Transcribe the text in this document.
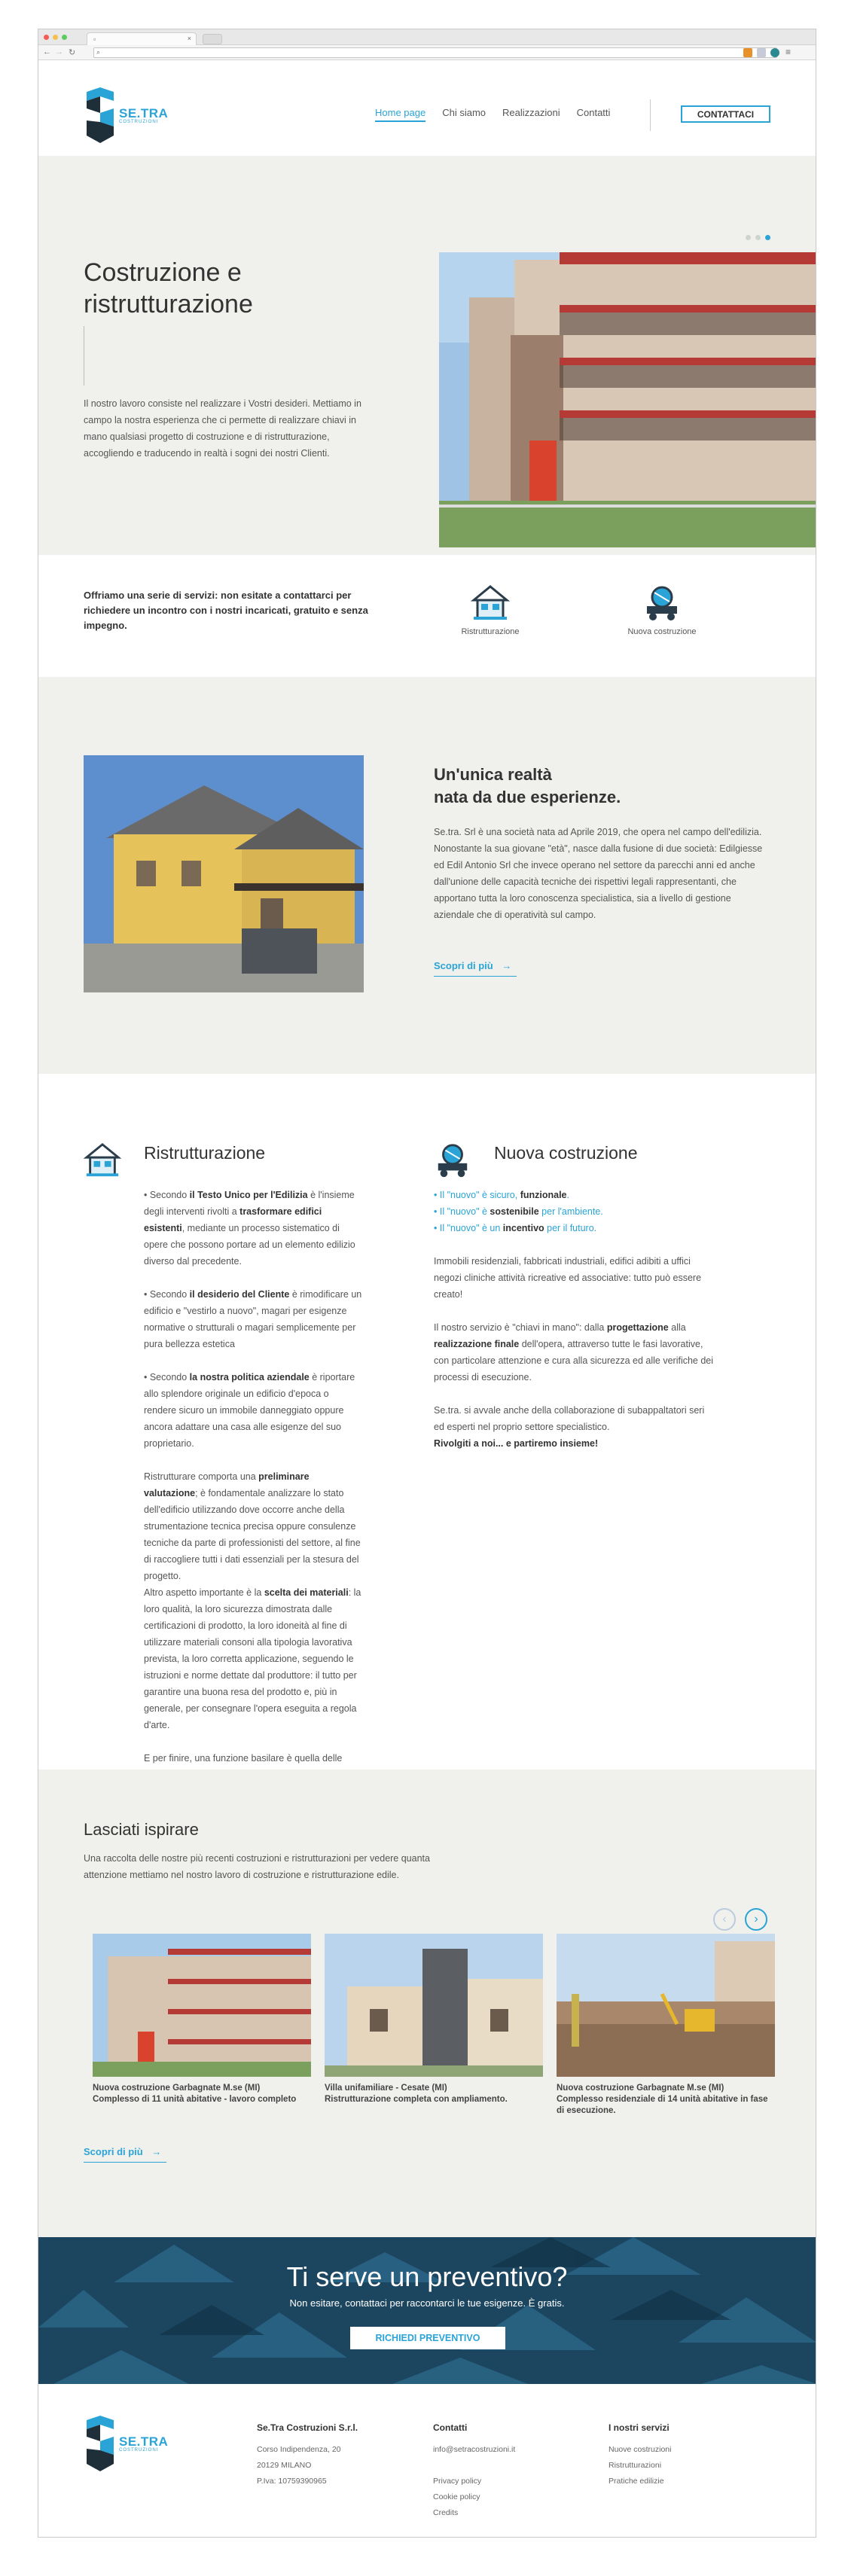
▫	×
← → ↻	⌕	≡
SE.TRA
COSTRUZIONI
Home page Chi siamo Realizzazioni Contatti	CONTATTACI
Costruzione e ristrutturazione

Il nostro lavoro consiste nel realizzare i Vostri desideri. Mettiamo in campo la nostra esperienza che ci permette di realizzare chiavi in mano qualsiasi progetto di costruzione e di ristrutturazione, accogliendo e traducendo in realtà i sogni dei nostri Clienti.

Offriamo una serie di servizi: non esitate a contattarci per richiedere un incontro con i nostri incaricati, gratuito e senza impegno.

Ristrutturazione	Nuova costruzione
Un'unica realtà
nata da due esperienze.

Se.tra. Srl è una società nata ad Aprile 2019, che opera nel campo dell'edilizia. Nonostante la sua giovane "età", nasce dalla fusione di due società: Edilgiesse ed Edil Antonio Srl che invece operano nel settore da parecchi anni ed anche dall'unione delle capacità tecniche dei rispettivi legali rappresentanti, che apportano tutta la loro conoscenza specialistica, sia a livello di gestione aziendale che di operatività sul campo.

Scopri di più →
Ristrutturazione

• Secondo il Testo Unico per l'Edilizia è l'insieme degli interventi rivolti a trasformare edifici esistenti, mediante un processo sistematico di opere che possono portare ad un elemento edilizio diverso dal precedente.

• Secondo il desiderio del Cliente è rimodificare un edificio e "vestirlo a nuovo", magari per esigenze normative o strutturali o magari semplicemente per pura bellezza estetica

• Secondo la nostra politica aziendale è riportare allo splendore originale un edificio d'epoca o rendere sicuro un immobile danneggiato oppure ancora adattare una casa alle esigenze del suo proprietario.

Ristrutturare comporta una preliminare valutazione; è fondamentale analizzare lo stato dell'edificio utilizzando dove occorre anche della strumentazione tecnica precisa oppure consulenze tecniche da parte di professionisti del settore, al fine di raccogliere tutti i dati essenziali per la stesura del progetto.

Altro aspetto importante è la scelta dei materiali: la loro qualità, la loro sicurezza dimostrata dalle certificazioni di prodotto, la loro idoneità al fine di utilizzare materiali consoni alla tipologia lavorativa prevista, la loro corretta applicazione, seguendo le istruzioni e norme dettate dal produttore: il tutto per garantire una buona resa del prodotto e, più in generale, per consegnare l'opera eseguita a regola d'arte.

E per finire, una funzione basilare è quella delle

Nuova costruzione

• Il "nuovo" è sicuro, funzionale.

• Il "nuovo" è sostenibile per l'ambiente.

• Il "nuovo" è un incentivo per il futuro.

Immobili residenziali, fabbricati industriali, edifici adibiti a uffici negozi cliniche attività ricreative ed associative: tutto può essere creato!

Il nostro servizio è "chiavi in mano": dalla progettazione alla realizzazione finale dell'opera, attraverso tutte le fasi lavorative, con particolare attenzione e cura alla sicurezza ed alle verifiche dei processi di esecuzione.

Se.tra. si avvale anche della collaborazione di subappaltatori seri ed esperti nel proprio settore specialistico.

Rivolgiti a noi... e partiremo insieme!

Lasciati ispirare

Una raccolta delle nostre più recenti costruzioni e ristrutturazioni per vedere quanta attenzione mettiamo nel nostro lavoro di costruzione e ristrutturazione edile.

‹ ›
Nuova costruzione Garbagnate M.se (MI)
Complesso di 11 unità abitative - lavoro completo
Villa unifamiliare - Cesate (MI)
Ristrutturazione completa con ampliamento.
Nuova costruzione Garbagnate M.se (MI)
Complesso residenziale di 14 unità abitative in fase di esecuzione.
Scopri di più →
Ti serve un preventivo?

Non esitare, contattaci per raccontarci le tue esigenze. È gratis.

RICHIEDI PREVENTIVO
SE.TRA
COSTRUZIONI
Se.Tra Costruzioni S.r.l.
Corso Indipendenza, 20
20129 MILANO
P.Iva: 10759390965
Contatti
info@setracostruzioni.it
Privacy policy
Cookie policy
Credits
I nostri servizi
Nuove costruzioni
Ristrutturazioni
Pratiche edilizie
